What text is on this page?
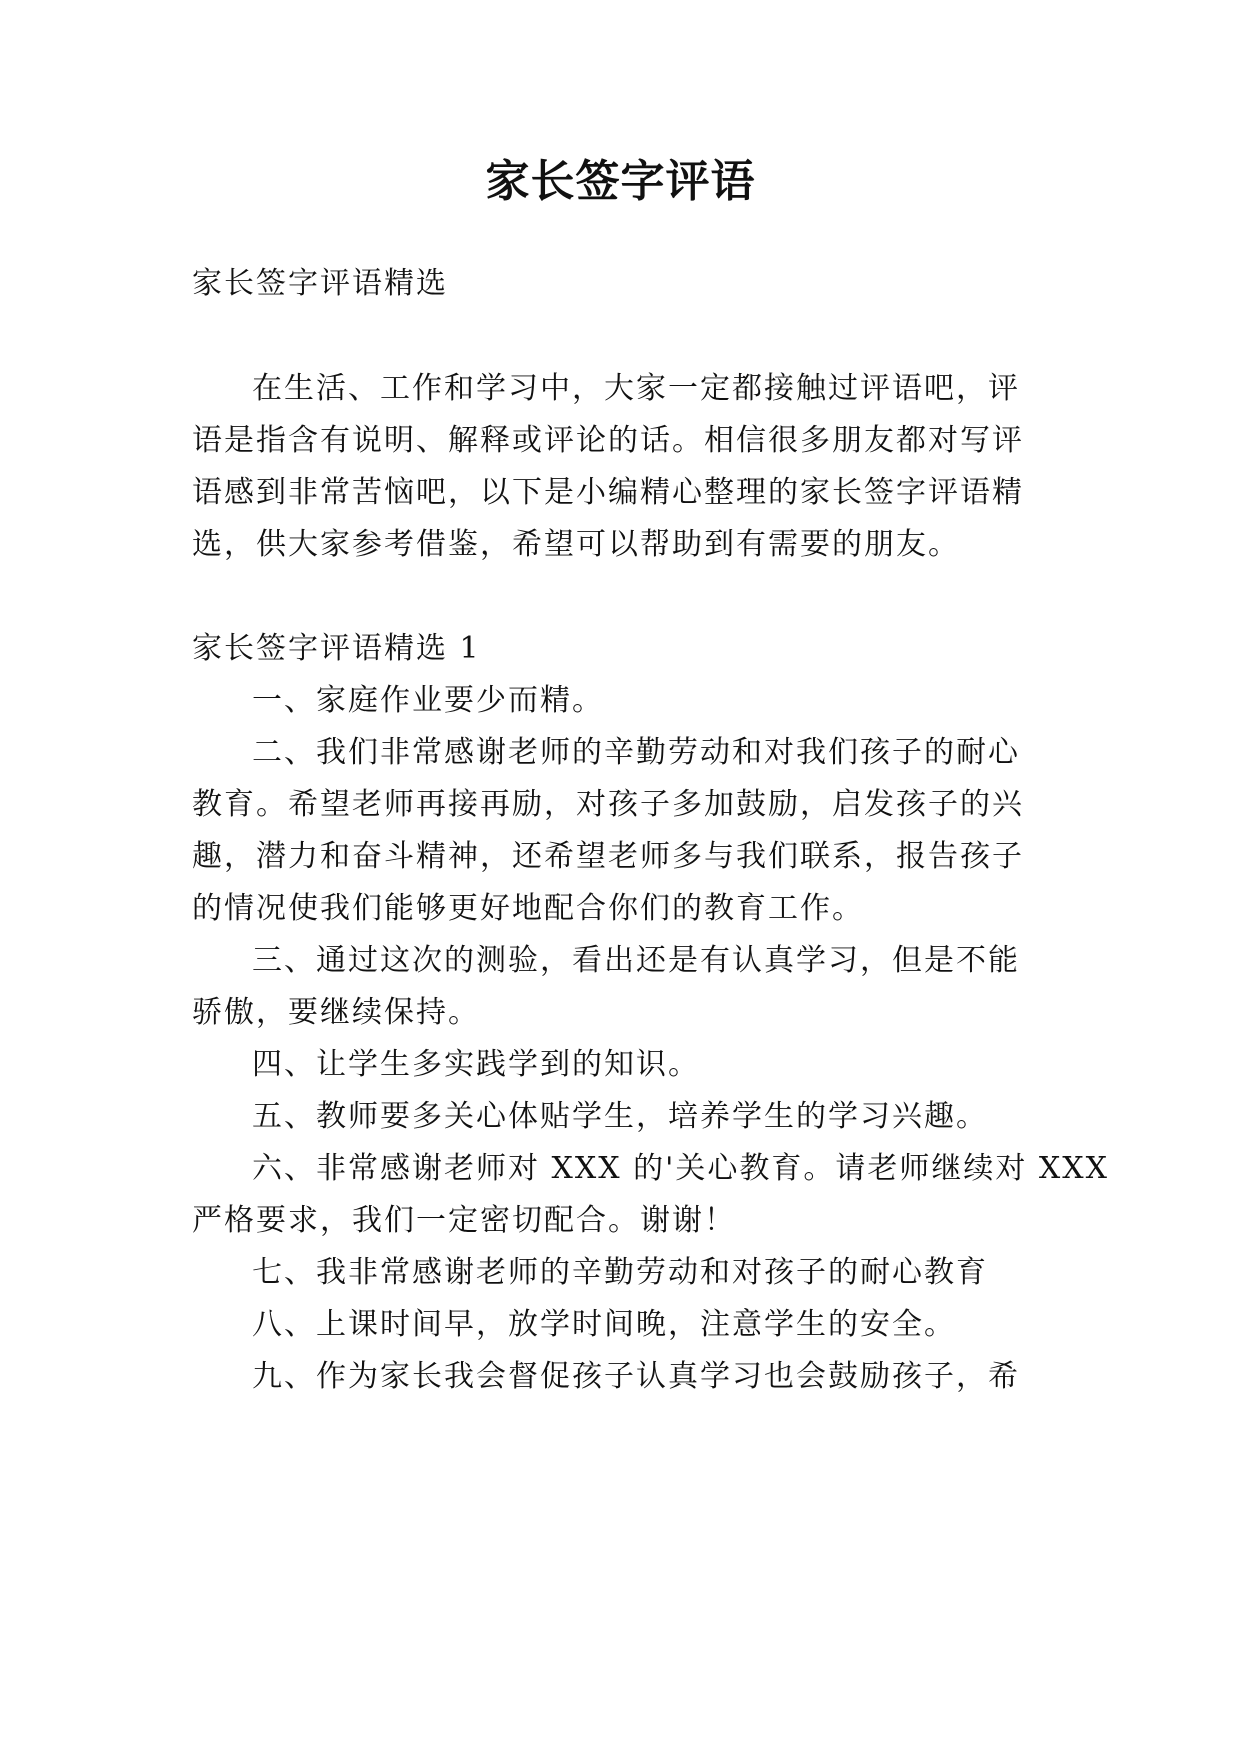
家长签字评语
家长签字评语精选
在生活、工作和学习中，大家一定都接触过评语吧，评
语是指含有说明、解释或评论的话。相信很多朋友都对写评
语感到非常苦恼吧，以下是小编精心整理的家长签字评语精
选，供大家参考借鉴，希望可以帮助到有需要的朋友。
家长签字评语精选 1
一、家庭作业要少而精。
二、我们非常感谢老师的辛勤劳动和对我们孩子的耐心
教育。希望老师再接再励，对孩子多加鼓励，启发孩子的兴
趣，潜力和奋斗精神，还希望老师多与我们联系，报告孩子
的情况使我们能够更好地配合你们的教育工作。
三、通过这次的测验，看出还是有认真学习，但是不能
骄傲，要继续保持。
四、让学生多实践学到的知识。
五、教师要多关心体贴学生，培养学生的学习兴趣。
六、非常感谢老师对 XXX 的'关心教育。请老师继续对 XXX
严格要求，我们一定密切配合。谢谢！
七、我非常感谢老师的辛勤劳动和对孩子的耐心教育
八、上课时间早，放学时间晚，注意学生的安全。
九、作为家长我会督促孩子认真学习也会鼓励孩子，希
